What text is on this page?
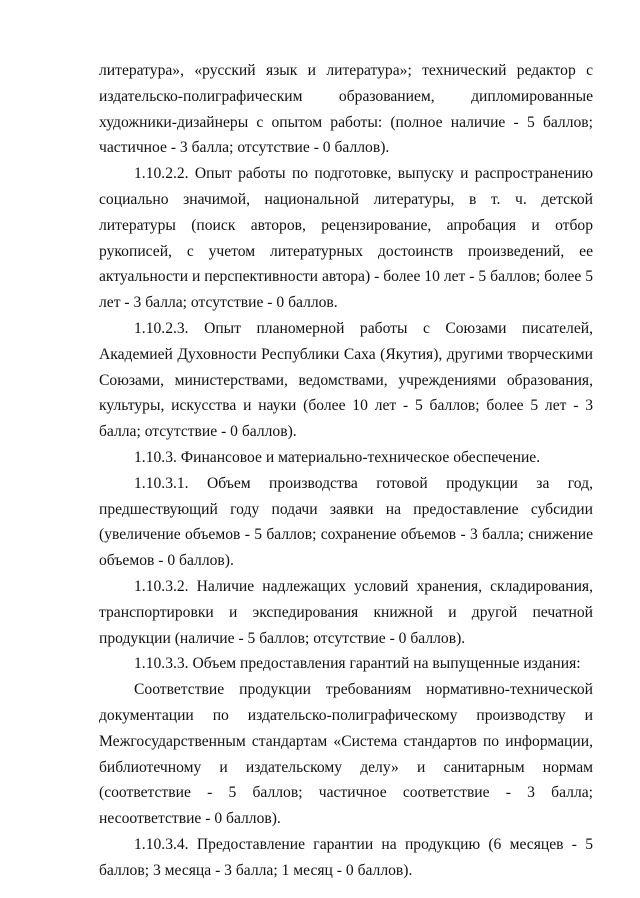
литература», «русский язык и литература»; технический редактор с издательско-полиграфическим образованием, дипломированные художники-дизайнеры с опытом работы: (полное наличие - 5 баллов; частичное - 3 балла; отсутствие - 0 баллов).

1.10.2.2. Опыт работы по подготовке, выпуску и распространению социально значимой, национальной литературы, в т. ч. детской литературы (поиск авторов, рецензирование, апробация и отбор рукописей, с учетом литературных достоинств произведений, ее актуальности и перспективности автора) - более 10 лет - 5 баллов; более 5 лет - 3 балла; отсутствие - 0 баллов.

1.10.2.3. Опыт планомерной работы с Союзами писателей, Академией Духовности Республики Саха (Якутия), другими творческими Союзами, министерствами, ведомствами, учреждениями образования, культуры, искусства и науки (более 10 лет - 5 баллов; более 5 лет - 3 балла; отсутствие - 0 баллов).

1.10.3. Финансовое и материально-техническое обеспечение.

1.10.3.1. Объем производства готовой продукции за год, предшествующий году подачи заявки на предоставление субсидии (увеличение объемов - 5 баллов; сохранение объемов - 3 балла; снижение объемов - 0 баллов).

1.10.3.2. Наличие надлежащих условий хранения, складирования, транспортировки и экспедирования книжной и другой печатной продукции (наличие - 5 баллов; отсутствие - 0 баллов).

1.10.3.3. Объем предоставления гарантий на выпущенные издания:

Соответствие продукции требованиям нормативно-технической документации по издательско-полиграфическому производству и Межгосударственным стандартам «Система стандартов по информации, библиотечному и издательскому делу» и санитарным нормам (соответствие - 5 баллов; частичное соответствие - 3 балла; несоответствие - 0 баллов).

1.10.3.4. Предоставление гарантии на продукцию (6 месяцев - 5 баллов; 3 месяца - 3 балла; 1 месяц - 0 баллов).
